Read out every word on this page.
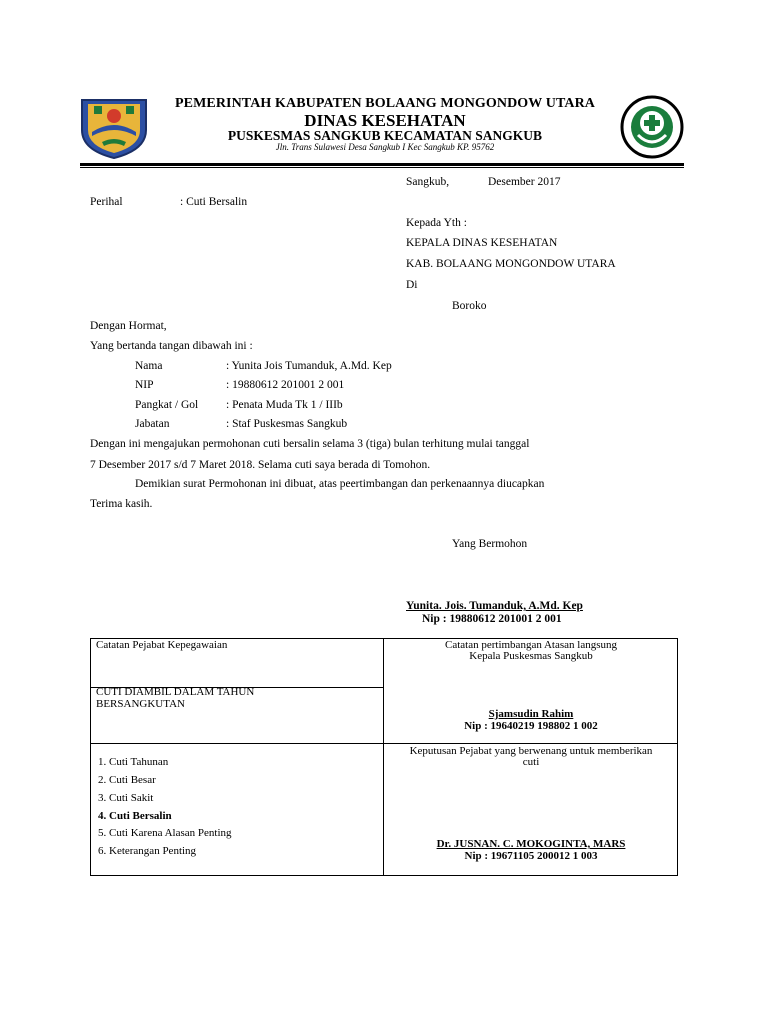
PEMERINTAH KABUPATEN BOLAANG MONGONDOW UTARA
DINAS KESEHATAN
PUSKESMAS SANGKUB KECAMATAN SANGKUB
Jln. Trans Sulawesi Desa Sangkub I Kec Sangkub KP. 95762
Sangkub,	Desember 2017
Perihal	: Cuti Bersalin
Kepada Yth :
KEPALA DINAS KESEHATAN
KAB. BOLAANG MONGONDOW UTARA
Di
Boroko
Dengan Hormat,
Yang bertanda tangan dibawah ini :
Nama	: Yunita Jois Tumanduk, A.Md. Kep
NIP	: 19880612 201001 2 001
Pangkat / Gol : Penata Muda Tk 1 / IIIb
Jabatan	: Staf Puskesmas Sangkub
Dengan ini mengajukan permohonan cuti bersalin selama 3 (tiga) bulan terhitung mulai tanggal
7 Desember 2017 s/d 7 Maret 2018. Selama cuti saya berada di Tomohon.
Demikian surat Permohonan ini dibuat, atas peertimbangan dan perkenaannya diucapkan
Terima kasih.
Yang Bermohon
Yunita. Jois. Tumanduk, A.Md. Kep
Nip : 19880612 201001 2 001
Catatan Pejabat Kepegawaian
CUTI DIAMBIL DALAM TAHUN BERSANGKUTAN
1. Cuti Tahunan
2. Cuti Besar
3. Cuti Sakit
4. Cuti Bersalin
5. Cuti Karena Alasan Penting
6. Keterangan Penting
Catatan pertimbangan Atasan langsung
Kepala Puskesmas Sangkub
Sjamsudin Rahim
Nip : 19640219 198802 1 002
Keputusan Pejabat yang berwenang untuk memberikan
cuti
Dr. JUSNAN. C. MOKOGINTA, MARS
Nip : 19671105 200012 1 003
